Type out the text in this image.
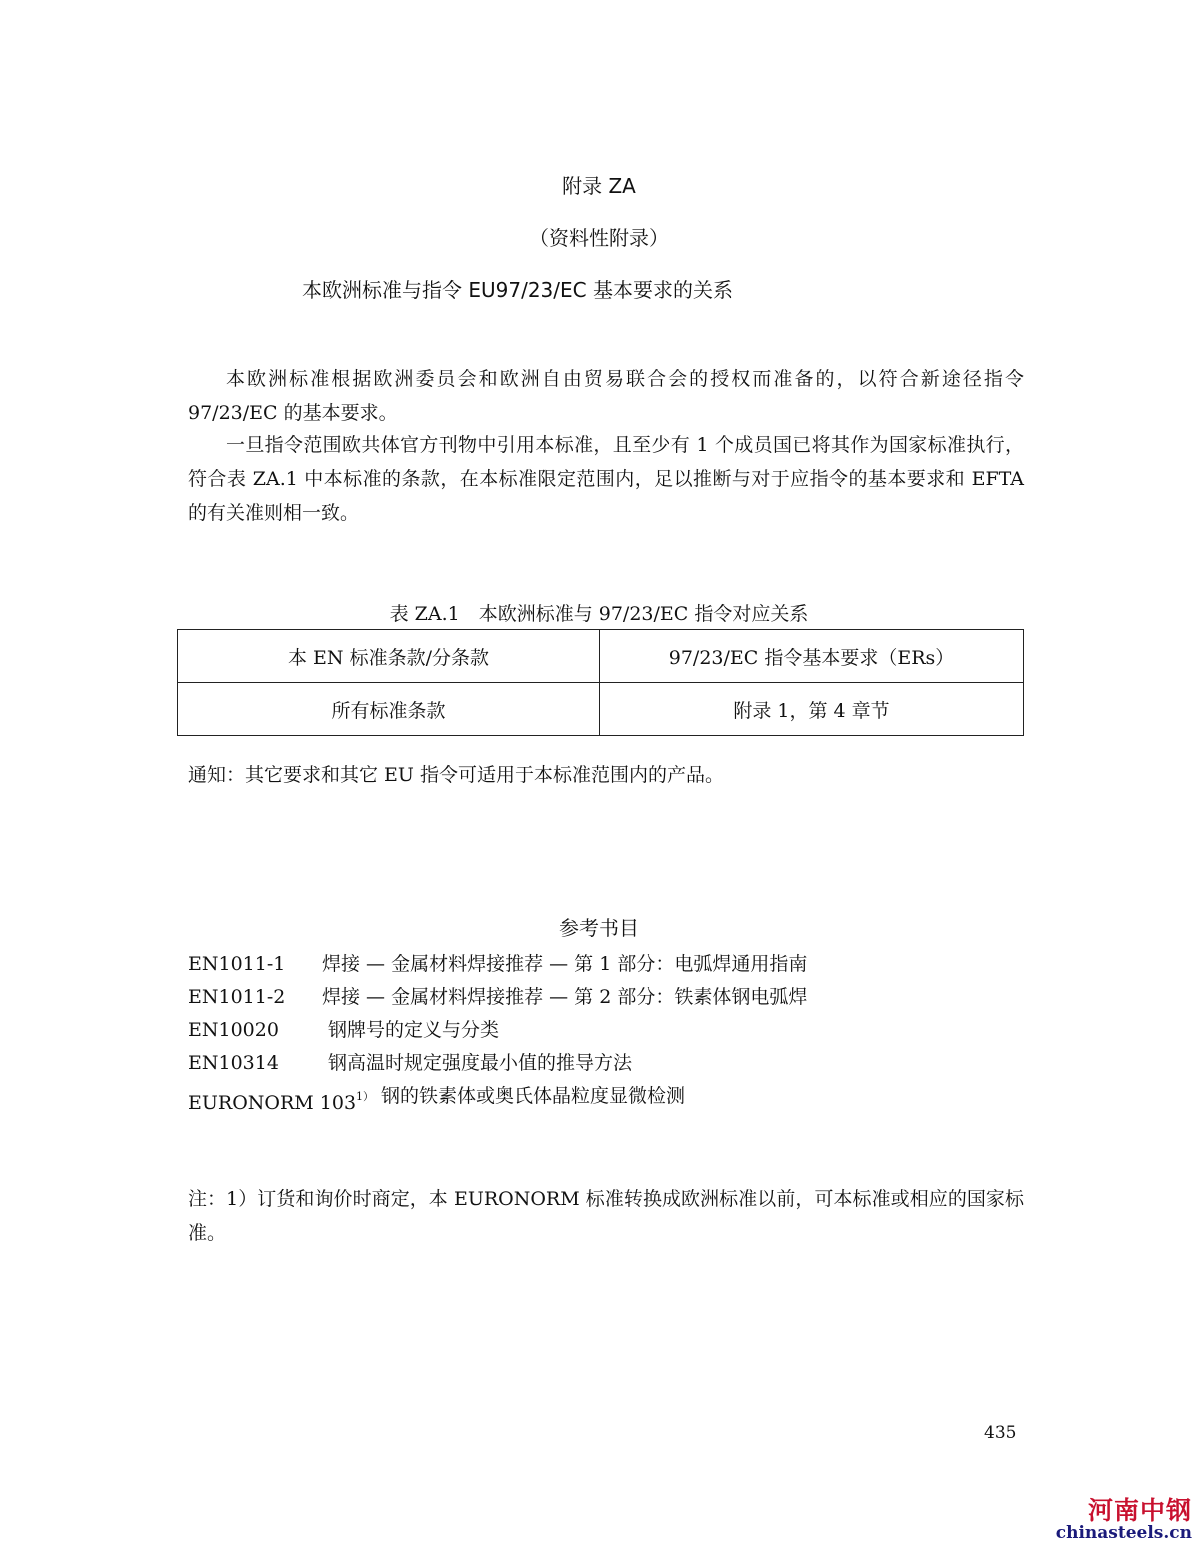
附录 ZA
（资料性附录）
本欧洲标准与指令 EU97/23/EC 基本要求的关系
本欧洲标准根据欧洲委员会和欧洲自由贸易联合会的授权而准备的，以符合新途径指令 97/23/EC 的基本要求。
一旦指令范围欧共体官方刊物中引用本标准，且至少有 1 个成员国已将其作为国家标准执行，符合表 ZA.1 中本标准的条款，在本标准限定范围内，足以推断与对于应指令的基本要求和 EFTA 的有关准则相一致。
表 ZA.1　本欧洲标准与 97/23/EC 指令对应关系
本 EN 标准条款/分条款	97/23/EC 指令基本要求（ERs）
所有标准条款	附录 1，第 4 章节
通知：其它要求和其它 EU 指令可适用于本标准范围内的产品。
参考书目
EN1011-1 焊接 — 金属材料焊接推荐 — 第 1 部分：电弧焊通用指南
EN1011-2 焊接 — 金属材料焊接推荐 — 第 2 部分：铁素体钢电弧焊
EN10020	钢牌号的定义与分类
EN10314	钢高温时规定强度最小值的推导方法
EURONORM $103^{1)}$ 钢的铁素体或奥氏体晶粒度显微检测
注：1）订货和询价时商定，本 EURONORM 标准转换成欧洲标准以前，可本标准或相应的国家标准。
435
河南中钢
chinasteels.cn
